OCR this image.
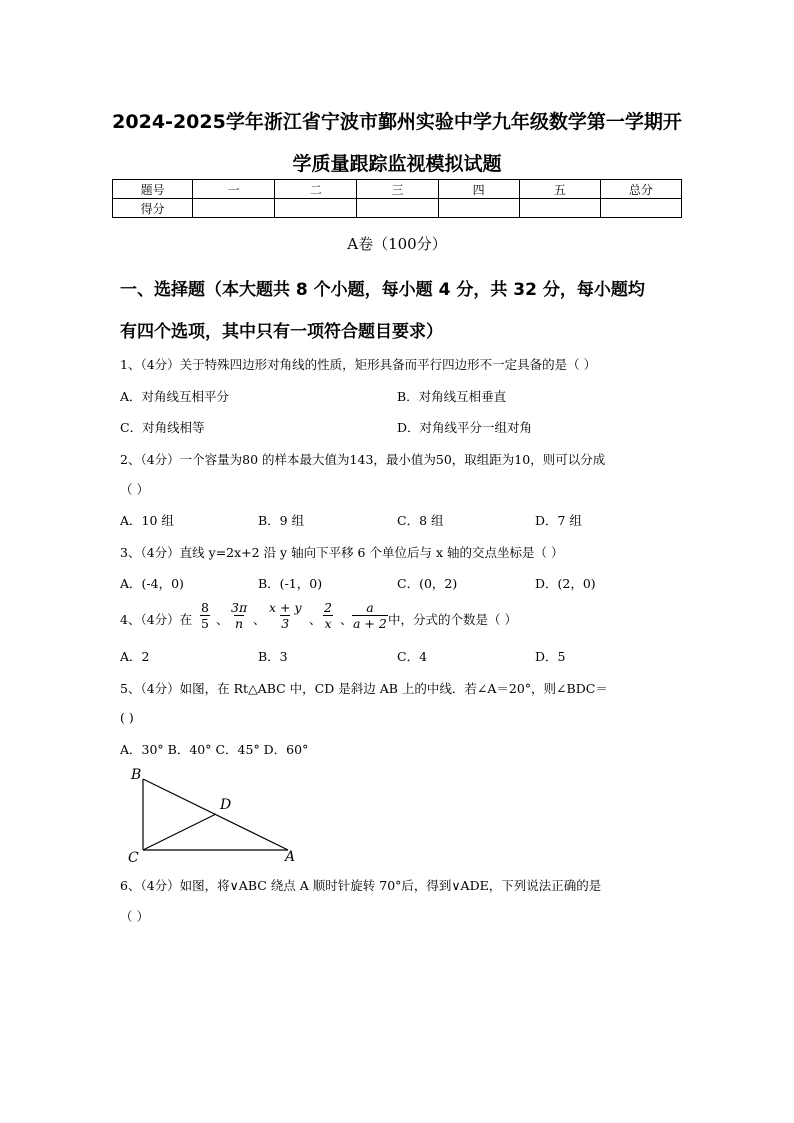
2024-2025学年浙江省宁波市鄞州实验中学九年级数学第一学期开
学质量跟踪监视模拟试题
题号	一	二	三	四	五	总分
得分						
A卷（100分）
一、选择题（本大题共 8 个小题，每小题 4 分，共 32 分，每小题均
有四个选项，其中只有一项符合题目要求）
1、（4分）关于特殊四边形对角线的性质，矩形具备而平行四边形不一定具备的是（ ）
A．对角线互相平分	B．对角线互相垂直
C．对角线相等	D．对角线平分一组对角
2、（4分）一个容量为80 的样本最大值为143，最小值为50，取组距为10，则可以分成
（ ）
A．10 组	B．9 组	C．8 组	D．7 组
3、（4分）直线 y=2x+2 沿 y 轴向下平移 6 个单位后与 x 轴的交点坐标是（ ）
A．(-4，0)	B．(-1，0)	C．(0，2)	D．(2，0)
4、（4分）在 $\frac{8}{5}$ 、 $\frac{3\pi}{n}$ 、 $\frac{x + y}{3}$ 、 $\frac{2}{x}$ 、 $\frac{a}{a + 2}$ 中，分式的个数是（ ）
A．2	B．3	C．4	D．5
5、（4分）如图，在 Rt△ABC 中，CD 是斜边 AB 上的中线．若∠A＝20°，则∠BDC＝
( )
A．30° B．40° C．45° D．60°
B
D
C	A
6、（4分）如图，将∨ABC 绕点 A 顺时针旋转 70°后，得到∨ADE，下列说法正确的是
（ ）
